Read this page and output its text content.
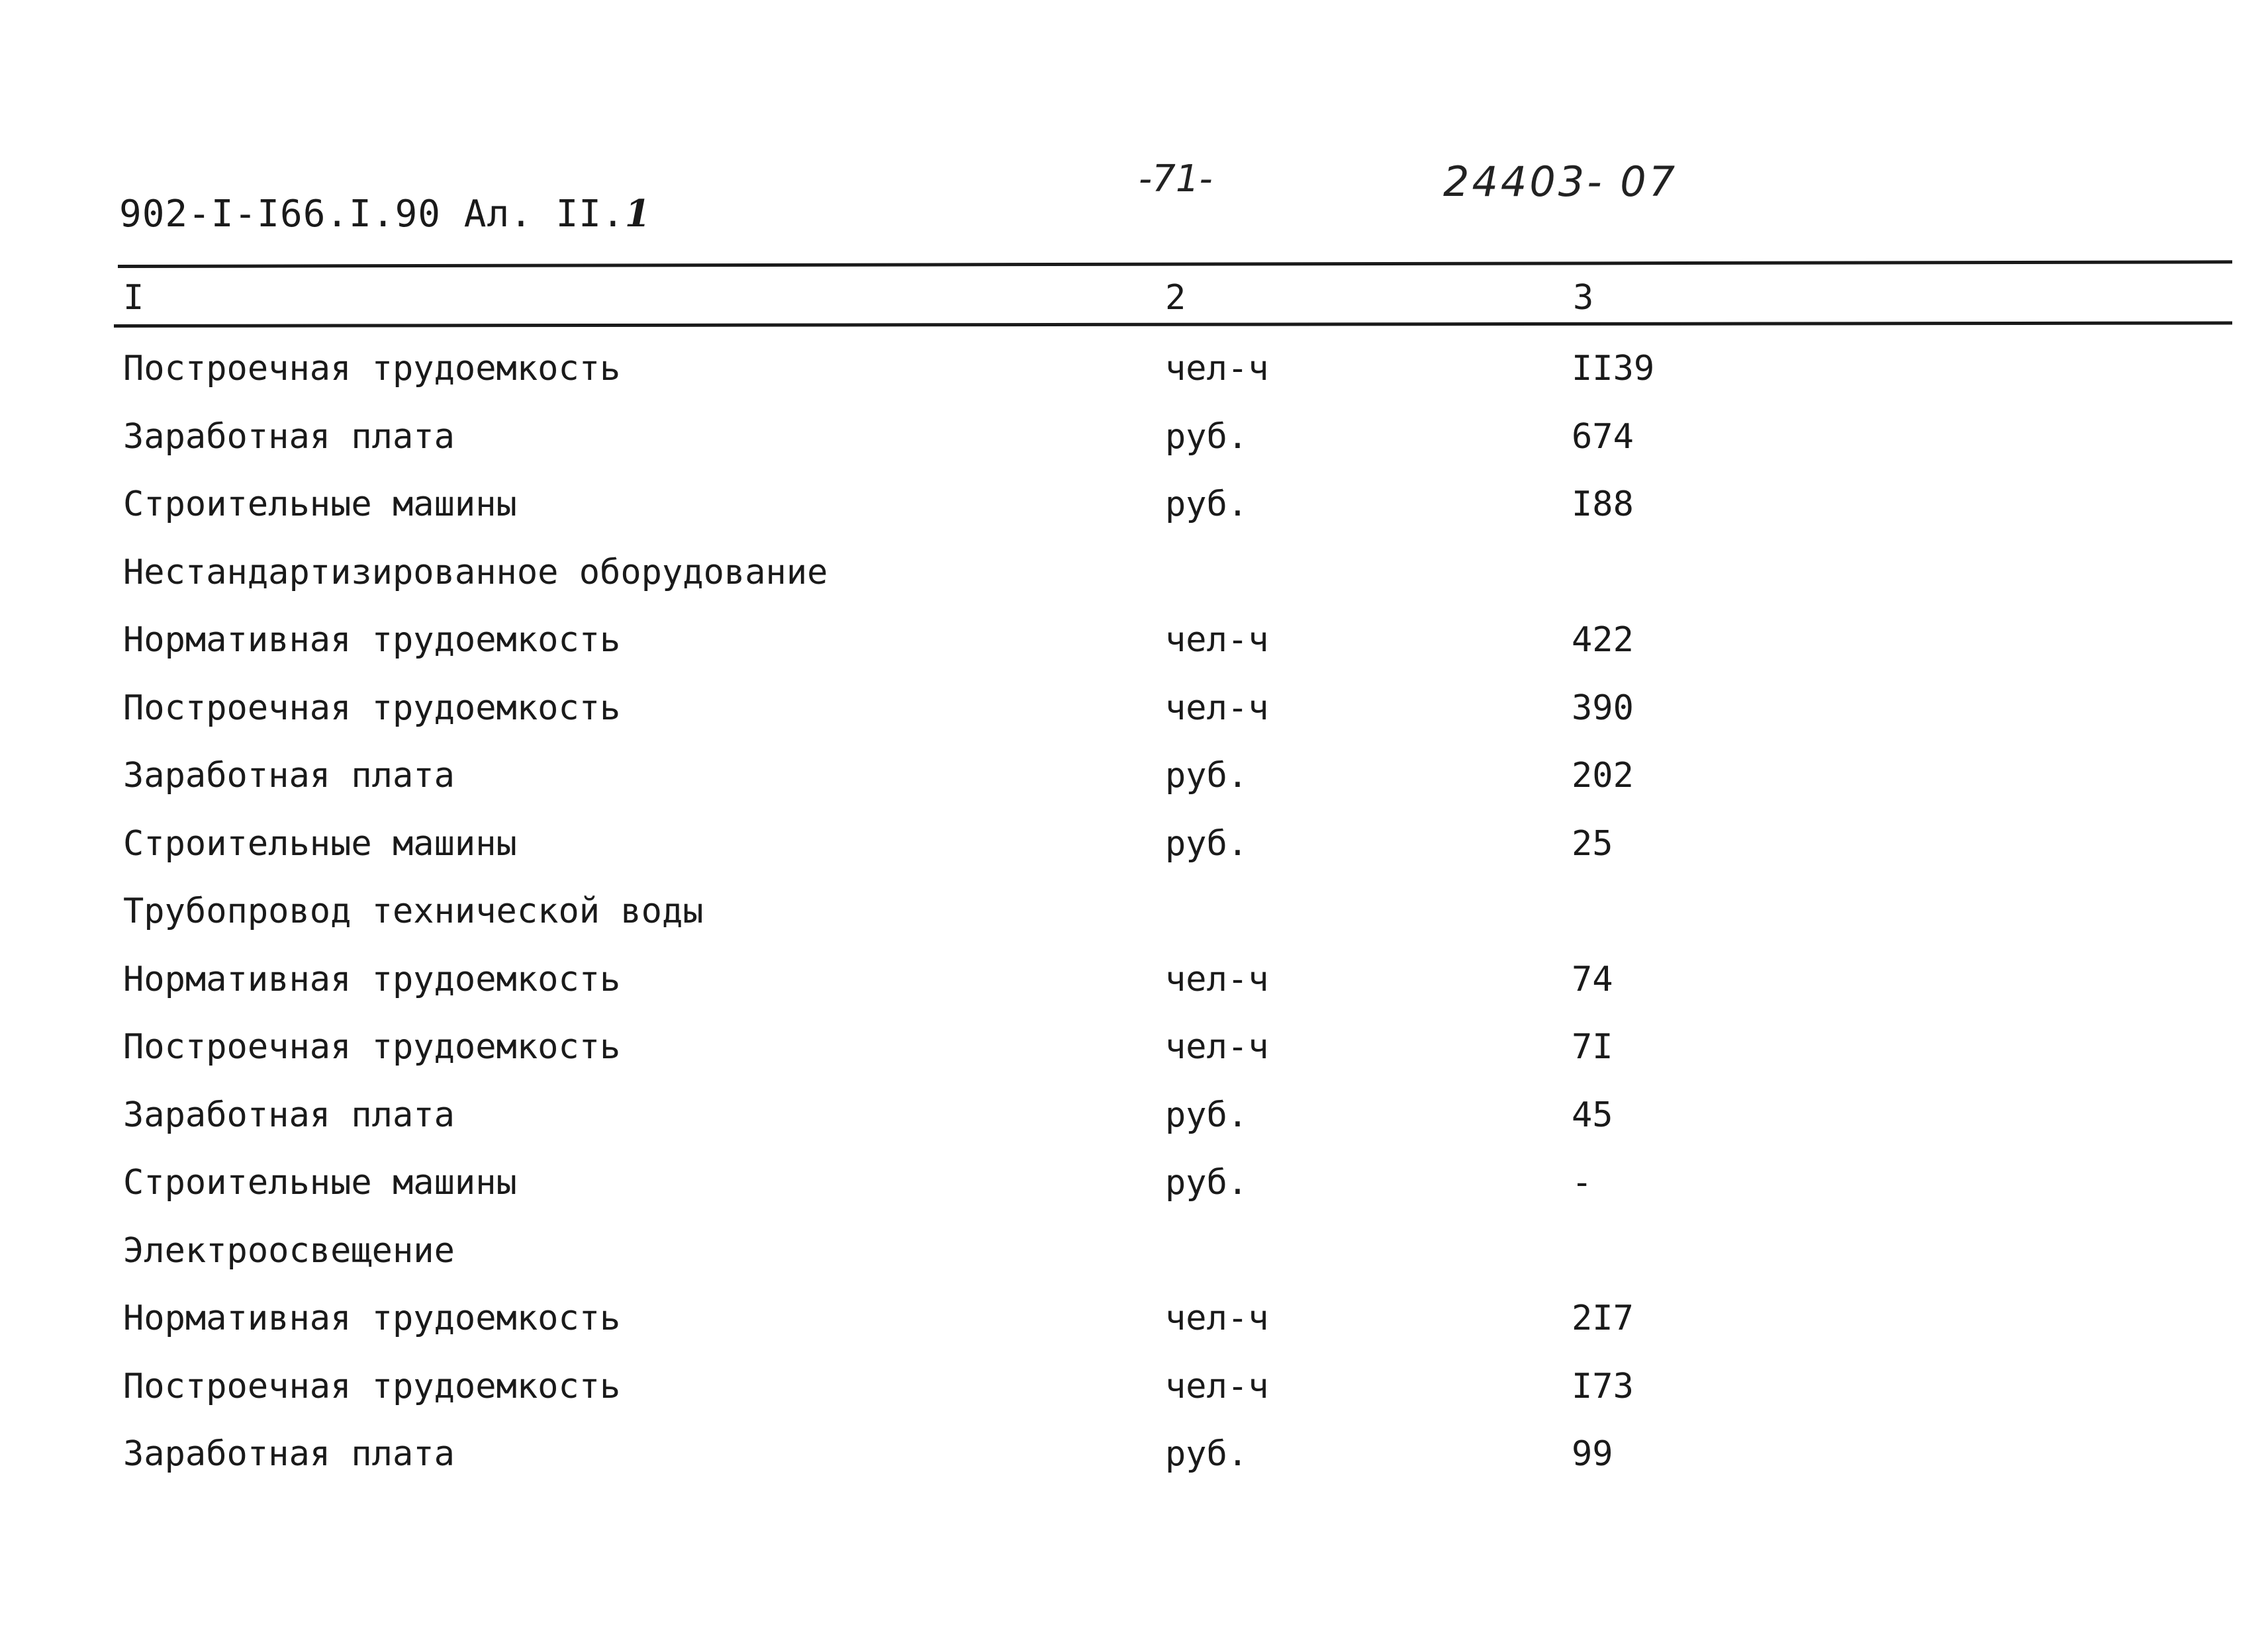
902-I-I66.I.90 Ал. II.1
-71-	24403- 07
I	2	3
Построечная трудоемкость	чел-ч	II39
Заработная плата	руб.	674
Строительные машины	руб.	I88
Нестандартизированное оборудование
Нормативная трудоемкость	чел-ч	422
Построечная трудоемкость	чел-ч	390
Заработная плата	руб.	202
Строительные машины	руб.	25
Трубопровод технической воды
Нормативная трудоемкость	чел-ч	74
Построечная трудоемкость	чел-ч	7I
Заработная плата	руб.	45
Строительные машины	руб.	-
Электроосвещение
Нормативная трудоемкость	чел-ч	2I7
Построечная трудоемкость	чел-ч	I73
Заработная плата	руб.	99
